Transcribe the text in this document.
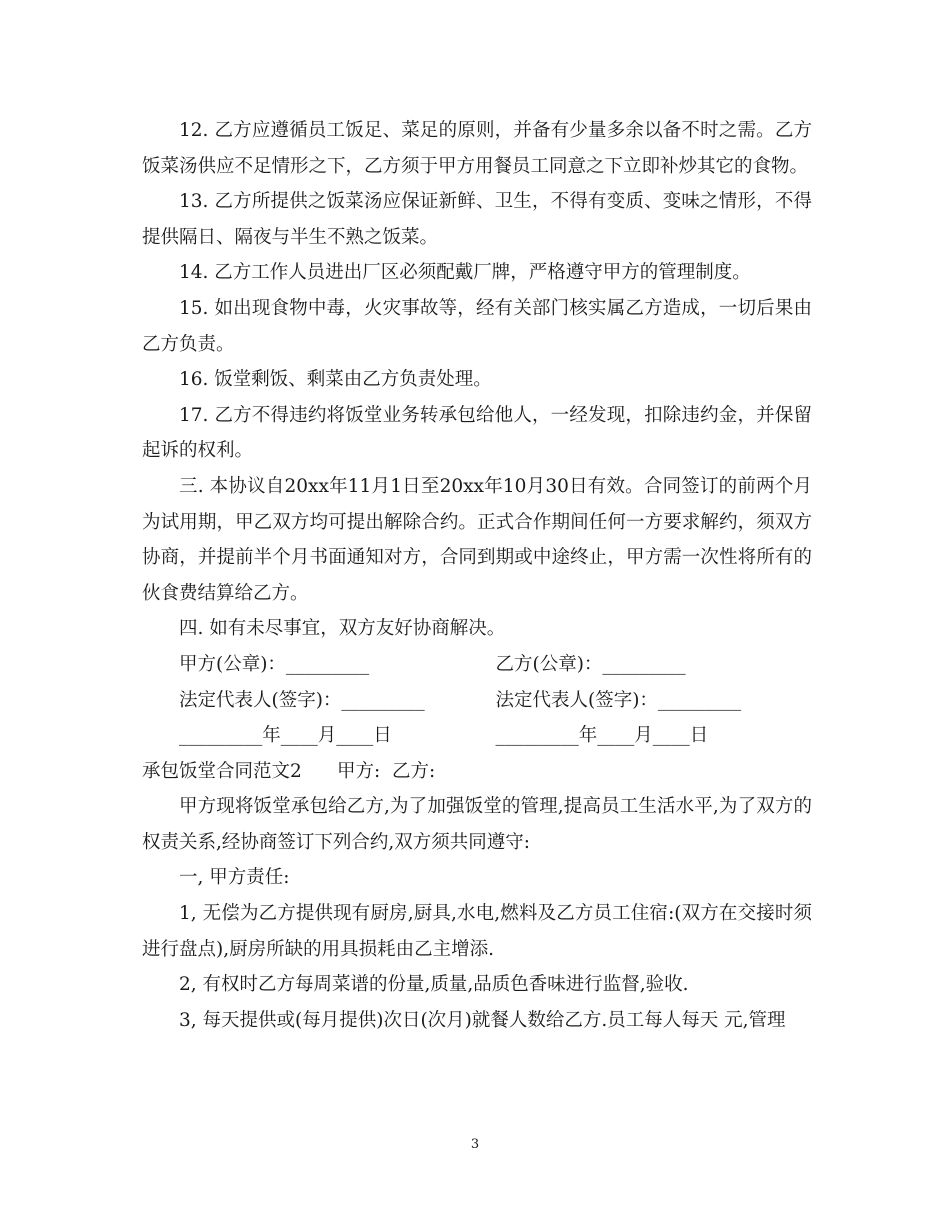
12. 乙方应遵循员工饭足、菜足的原则，并备有少量多余以备不时之需。乙方饭菜汤供应不足情形之下，乙方须于甲方用餐员工同意之下立即补炒其它的食物。

13. 乙方所提供之饭菜汤应保证新鲜、卫生，不得有变质、变味之情形，不得提供隔日、隔夜与半生不熟之饭菜。

14. 乙方工作人员进出厂区必须配戴厂牌，严格遵守甲方的管理制度。

15. 如出现食物中毒，火灾事故等，经有关部门核实属乙方造成，一切后果由乙方负责。

16. 饭堂剩饭、剩菜由乙方负责处理。

17. 乙方不得违约将饭堂业务转承包给他人，一经发现，扣除违约金，并保留起诉的权利。

三. 本协议自20xx年11月1日至20xx年10月30日有效。合同签订的前两个月为试用期，甲乙双方均可提出解除合约。正式合作期间任何一方要求解约，须双方协商，并提前半个月书面通知对方，合同到期或中途终止，甲方需一次性将所有的伙食费结算给乙方。

四. 如有未尽事宜，双方友好协商解决。

甲方(公章)：_________	乙方(公章)：_________
法定代表人(签字)：_________	法定代表人(签字)：_________
_________年____月____日	_________年____月____日

承包饭堂合同范文2      甲方:  乙方:

甲方现将饭堂承包给乙方,为了加强饭堂的管理,提高员工生活水平,为了双方的权责关系,经协商签订下列合约,双方须共同遵守:

一, 甲方责任:

1, 无偿为乙方提供现有厨房,厨具,水电,燃料及乙方员工住宿:(双方在交接时须进行盘点),厨房所缺的用具损耗由乙主增添.

2, 有权时乙方每周菜谱的份量,质量,品质色香味进行监督,验收.

3, 每天提供或(每月提供)次日(次月)就餐人数给乙方.员工每人每天 元,管理

3
